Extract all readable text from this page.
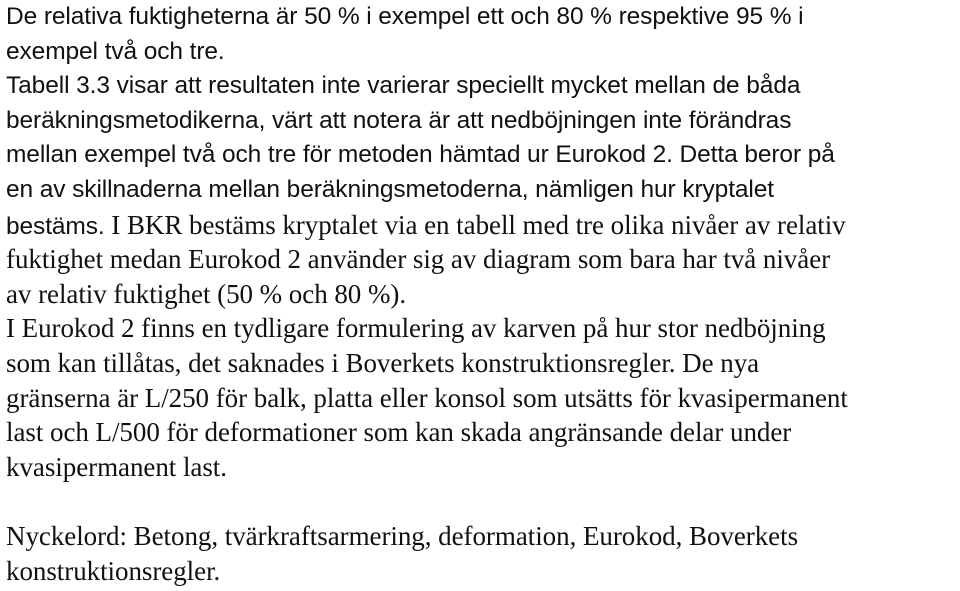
De relativa fuktigheterna är 50 % i exempel ett och 80 % respektive 95 % i
exempel två och tre.
Tabell 3.3 visar att resultaten inte varierar speciellt mycket mellan de båda
beräkningsmetodikerna, värt att notera är att nedböjningen inte förändras
mellan exempel två och tre för metoden hämtad ur Eurokod 2. Detta beror på
en av skillnaderna mellan beräkningsmetoderna, nämligen hur kryptalet
bestäms. I BKR bestäms kryptalet via en tabell med tre olika nivåer av relativ
fuktighet medan Eurokod 2 använder sig av diagram som bara har två nivåer
av relativ fuktighet (50 % och 80 %).
I Eurokod 2 finns en tydligare formulering av karven på hur stor nedböjning
som kan tillåtas, det saknades i Boverkets konstruktionsregler. De nya
gränserna är L/250 för balk, platta eller konsol som utsätts för kvasipermanent
last och L/500 för deformationer som kan skada angränsande delar under
kvasipermanent last.
Nyckelord: Betong, tvärkraftsarmering, deformation, Eurokod, Boverkets
konstruktionsregler.
